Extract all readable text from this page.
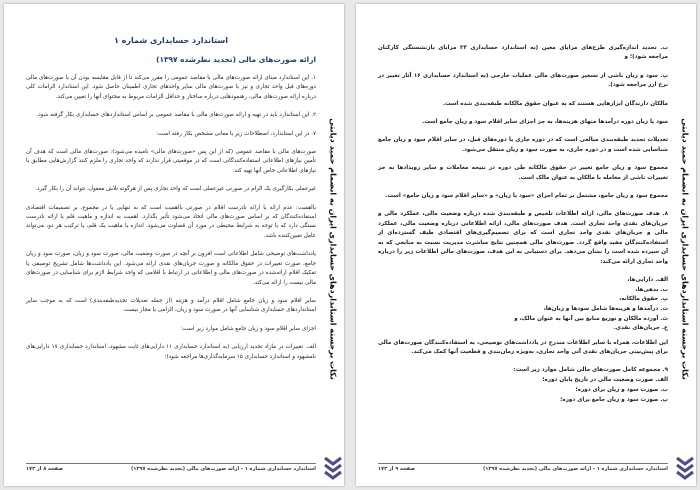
نکات برجسته استانداردهای حسابداری ایران به انضمام حمید دیانتی
استاندارد حسابداری شماره ۱
ارائه صورت‌های مالی (تجدید نظرشده ۱۳۹۷)
۱. این استاندارد مبنای ارائه صورت‌های مالی با مقاصد عمومی را مقرر می‌کند تا از قابل مقایسه بودن آن با صورت‌های مالی دوره‌های قبل واحد تجاری و نیز با صورت‌های مالی سایر واحدهای تجاری اطمینان حاصل شود. این استاندارد الزامات کلی درباره ارائه صورت‌های مالی، رهنمودهایی درباره ساختار و حداقل الزامات مربوط به محتوای آنها را تعیین می‌کند.
۲. این استاندارد باید در تهیه و ارائه صورت‌های مالی با مقاصد عمومی بر اساس استانداردهای حسابداری بکار گرفته شود.
۷. در این استاندارد، اصطلاحات زیر با معانی مشخص بکار رفته است:
صورت‌های مالی با مقاصد عمومی (که از این پس «صورت‌های مالی» نامیده می‌شود): صورت‌های مالی است که هدف آن تأمین نیازهای اطلاعاتی استفاده‌کنندگانی است که در موقعیتی قرار ندارند که واحد تجاری را ملزم کنند گزارش‌هایی مطابق با نیازهای اطلاعاتی خاص آنها تهیه کند.
غیرعملی بکارگیری یک الزام در صورتی غیرعملی است که واحد تجاری پس از هرگونه تلاش معقول، نتواند آن را بکار گیرد.
بااهمیت: عدم ارائه یا ارائه نادرست اقلام در صورتی بااهمیت است که به تنهایی یا در مجموع، بر تصمیمات اقتصادی استفاده‌کنندگان که بر اساس صورت‌های مالی اتخاذ می‌شود تأثیر بگذارد. اهمیت به اندازه و ماهیت قلم یا ارائه نادرست بستگی دارد که با توجه به شرایط محیطی در مورد آن قضاوت می‌شود. اندازه یا ماهیت یک قلم، یا ترکیب هر دو، می‌تواند عامل تعیین‌کننده باشد.
یادداشت‌های توضیحی شامل اطلاعاتی است افزون بر آنچه در صورت وضعیت مالی، صورت سود و زیان، صورت سود و زیان جامع، صورت تغییرات در حقوق مالکانه و صورت جریان‌های نقدی ارائه می‌شود. این یادداشت‌ها شامل تشریح توصیفی یا تفکیک اقلام ارائه‌شده در صورت‌های مالی و اطلاعاتی در ارتباط با اقلامی که واجد شرایط لازم برای شناسایی در صورت‌های مالی نیست را ارائه می‌کند.
سایر اقلام سود و زیان جامع شامل اقلام درآمد و هزینه (از جمله تعدیلات تجدیدطبقه‌بندی) است که به موجب سایر استانداردهای حسابداری شناسایی آنها در صورت سود و زیان، الزامی یا مجاز نیست.
اجزای سایر اقلام سود و زیان جامع شامل موارد زیر است:
الف. تغییرات در مازاد تجدید ارزیابی (به استاندارد حسابداری ۱۱ دارایی‌های ثابت مشهود، استاندارد حسابداری ۱۷ دارایی‌های نامشهود و استاندارد حسابداری ۱۵ سرمایه‌گذاری‌ها مراجعه شود)؛
استاندارد حسابداری شماره ۱ - ارائه صورت‌های مالی (تجدید نظرشده ۱۳۹۷)
صفحه ۸ از ۱۷۳
نکات برجسته استانداردهای حسابداری ایران به انضمام حمید دیانتی
ب. تجدید اندازه‌گیری طرح‌های مزایای معین (به استاندارد حسابداری ۳۳ مزایای بازنشستگی کارکنان مراجعه شود)؛ و
پ. سود و زیان ناشی از تسعیر صورت‌های مالی عملیات خارجی (به استاندارد حسابداری ۱۶ آثار تغییر در نرخ ارز مراجعه شود).
مالکان دارندگان ابزارهایی هستند که به عنوان حقوق مالکانه طبقه‌بندی شده است.
سود یا زیان دوره درآمدها منهای هزینه‌ها، به جز اجزای سایر اقلام سود و زیان جامع است.
تعدیلات تجدید طبقه‌بندی مبالغی است که در دوره جاری یا دوره‌های قبل، در سایر اقلام سود و زیان جامع شناسایی شده است و در دوره جاری، به صورت سود و زیان منتقل می‌شود.
مجموع سود و زیان جامع تغییر در حقوق مالکانه طی دوره در نتیجه معاملات و سایر رویدادها به جز تغییرات ناشی از معامله با مالکان به عنوان مالک است.
مجموع سود و زیان جامع، مشتمل بر تمام اجزای «سود یا زیان» و «سایر اقلام سود و زیان جامع» است.
۸. هدف صورت‌های مالی، ارائه اطلاعات تلخیص و طبقه‌بندی شده درباره وضعیت مالی، عملکرد مالی و جریان‌های نقدی واحد تجاری است. هدف صورت‌های مالی، ارائه اطلاعاتی درباره وضعیت مالی، عملکرد مالی و جریان‌های نقدی واحد تجاری است که برای تصمیم‌گیری‌های اقتصادی طیف گسترده‌ای از استفاده‌کنندگان مفید واقع گردد. صورت‌های مالی همچنین نتایج مباشرت مدیریت نسبت به منابعی که به آن سپرده شده است را نشان می‌دهد. برای دستیابی به این هدف، صورت‌های مالی اطلاعات زیر را درباره واحد تجاری ارائه می‌کند:
الف. دارایی‌ها،
ب. بدهی‌ها،
پ. حقوق مالکانه،
ت. درآمدها و هزینه‌ها شامل سودها و زیان‌ها،
ث. آورده مالکان و توزیع منابع بین آنها به عنوان مالک، و
ج. جریان‌های نقدی.
این اطلاعات، همراه با سایر اطلاعات مندرج در یادداشت‌های توضیحی، به استفاده‌کنندگان صورت‌های مالی برای پیش‌بینی جریان‌های نقدی آتی واحد تجاری، به‌ویژه زمان‌بندی و قطعیت آنها کمک می‌کند.
۹. مجموعه کامل صورت‌های مالی شامل موارد زیر است:
الف. صورت وضعیت مالی در تاریخ پایان دوره؛
ب. صورت سود و زیان برای دوره؛
پ. صورت سود و زیان جامع برای دوره؛
استاندارد حسابداری شماره ۱ - ارائه صورت‌های مالی (تجدید نظرشده ۱۳۹۷)
صفحه ۹ از ۱۷۳
